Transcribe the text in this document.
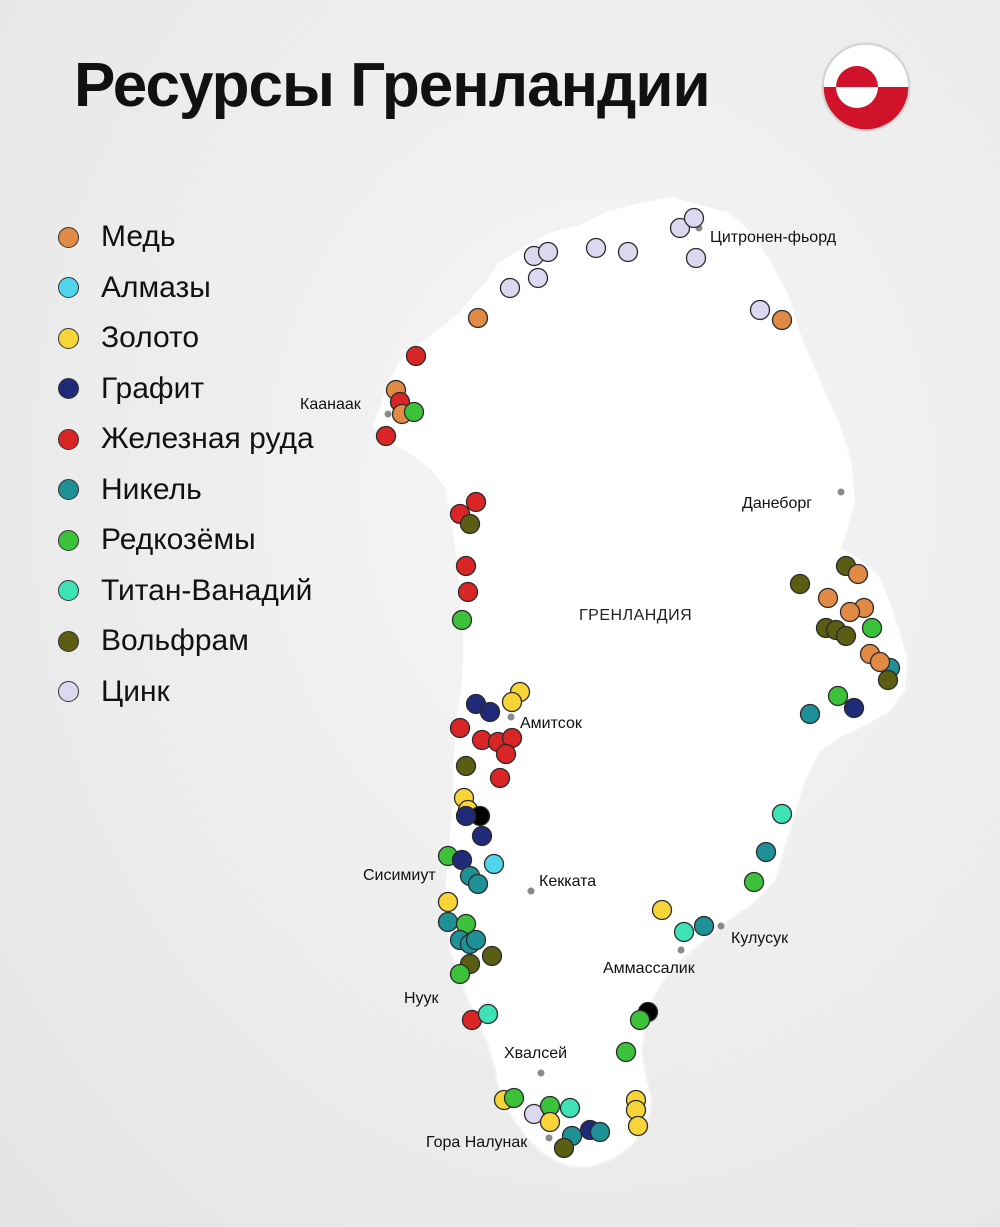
Ресурсы Гренландии
Медь
Алмазы
Золото
Графит
Железная руда
Никель
Редкозёмы
Титан-Ванадий
Вольфрам
Цинк
Цитронен-фьорд
Каанаак
Данеборг
Амитсок
Сисимиут	Кекката
Кулусук
Аммассалик
Нуук
Хвалсей
Гора Налунак
ГРЕНЛАНДИЯ
